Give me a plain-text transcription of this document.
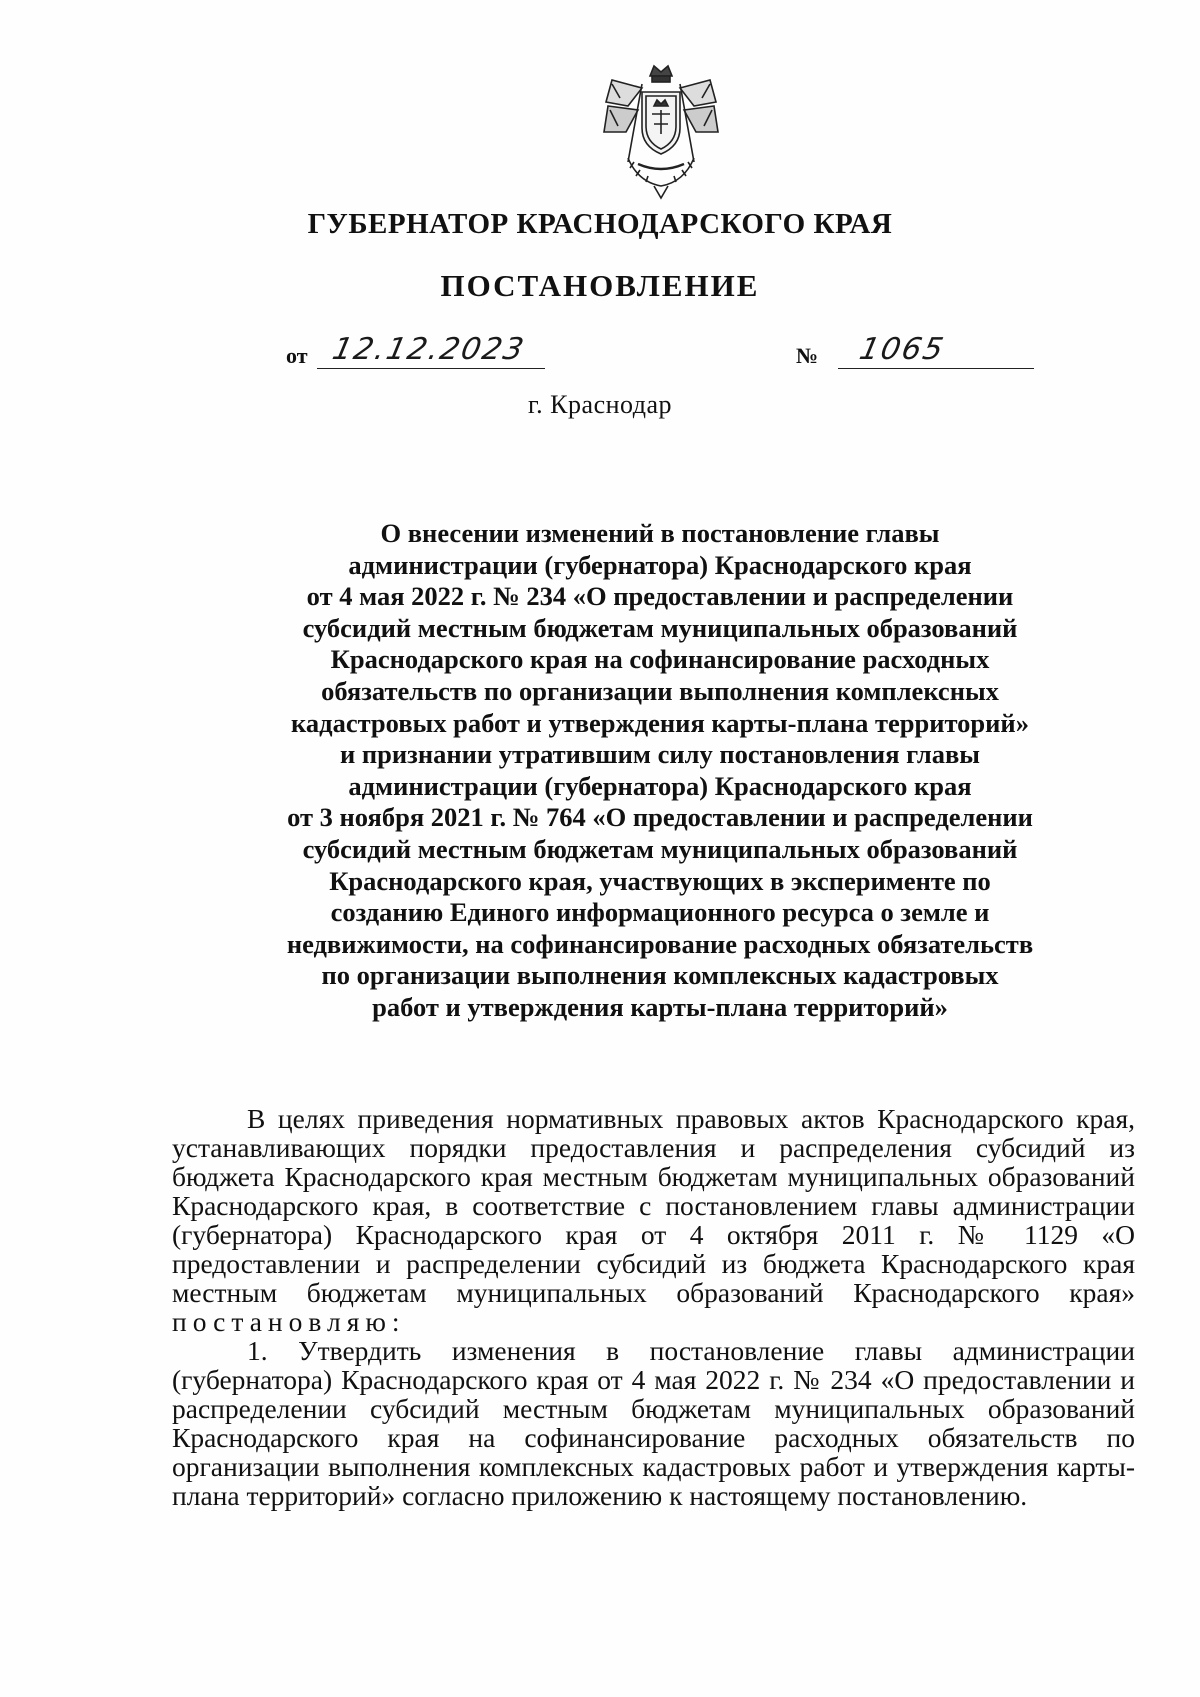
ГУБЕРНАТОР КРАСНОДАРСКОГО КРАЯ
ПОСТАНОВЛЕНИЕ
от 12.12.2023	№ 1065
г. Краснодар
О внесении изменений в постановление главы
администрации (губернатора) Краснодарского края
от 4 мая 2022 г. № 234 «О предоставлении и распределении
субсидий местным бюджетам муниципальных образований
Краснодарского края на софинансирование расходных
обязательств по организации выполнения комплексных
кадастровых работ и утверждения карты-плана территорий»
и признании утратившим силу постановления главы
администрации (губернатора) Краснодарского края
от 3 ноября 2021 г. № 764 «О предоставлении и распределении
субсидий местным бюджетам муниципальных образований
Краснодарского края, участвующих в эксперименте по
созданию Единого информационного ресурса о земле и
недвижимости, на софинансирование расходных обязательств
по организации выполнения комплексных кадастровых
работ и утверждения карты-плана территорий»

В целях приведения нормативных правовых актов Краснодарского края, устанавливающих порядки предоставления и распределения субсидий из бюджета Краснодарского края местным бюджетам муниципальных образований Краснодарского края, в соответствие с постановлением главы администрации (губернатора) Краснодарского края от 4 октября 2011 г. № 1129 «О предоставлении и распределении субсидий из бюджета Краснодарского края местным бюджетам муниципальных образований Краснодарского края» постановляю:

1. Утвердить изменения в постановление главы администрации (губернатора) Краснодарского края от 4 мая 2022 г. № 234 «О предоставлении и распределении субсидий местным бюджетам муниципальных образований Краснодарского края на софинансирование расходных обязательств по организации выполнения комплексных кадастровых работ и утверждения карты-плана территорий» согласно приложению к настоящему постановлению.
